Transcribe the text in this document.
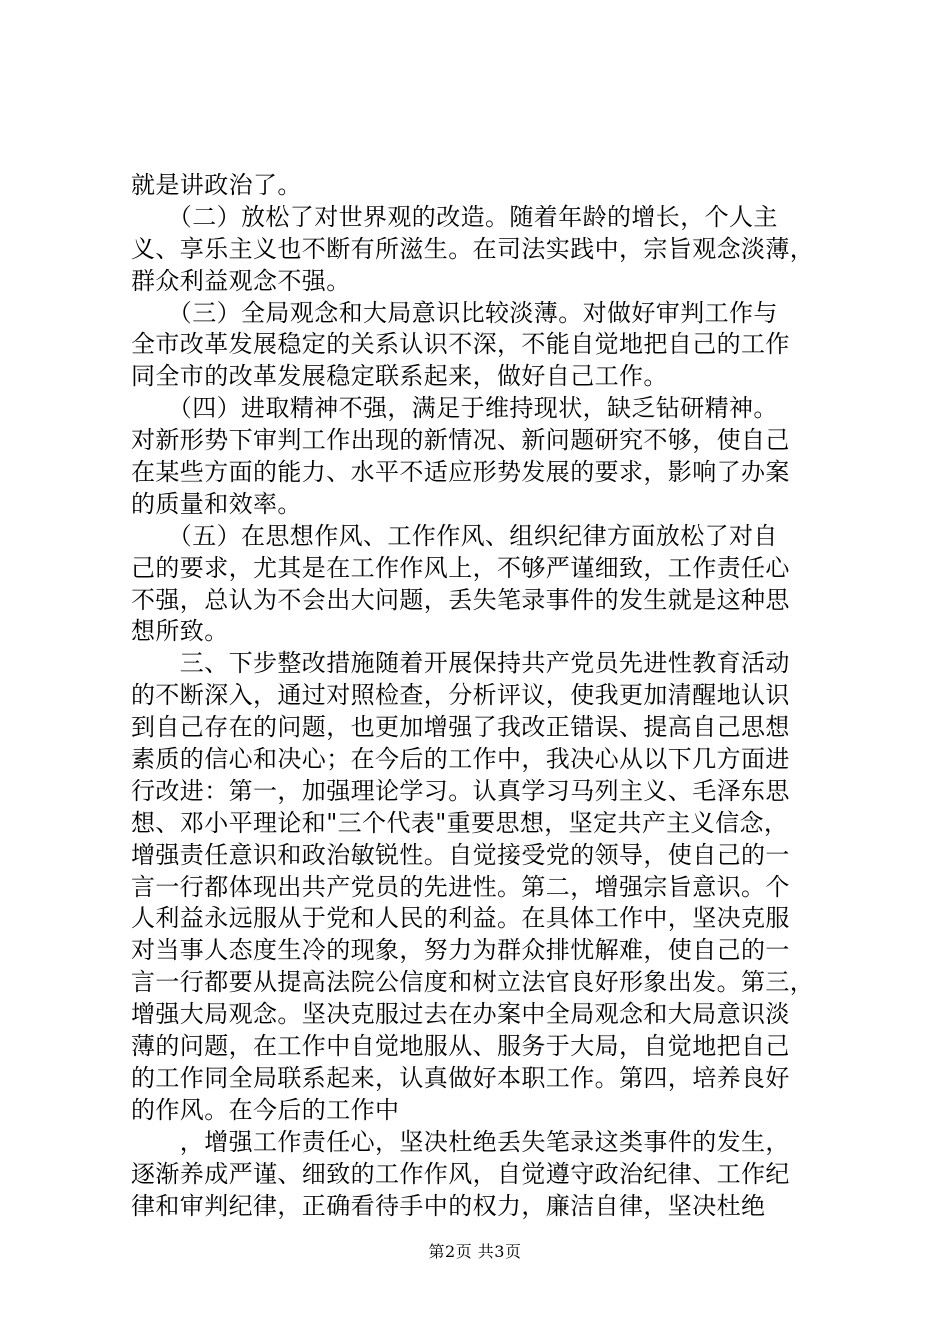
就是讲政治了。
　　（二）放松了对世界观的改造。随着年龄的增长，个人主
义、享乐主义也不断有所滋生。在司法实践中，宗旨观念淡薄，
群众利益观念不强。
　　（三）全局观念和大局意识比较淡薄。对做好审判工作与
全市改革发展稳定的关系认识不深，不能自觉地把自己的工作
同全市的改革发展稳定联系起来，做好自己工作。
　　（四）进取精神不强，满足于维持现状，缺乏钻研精神。
对新形势下审判工作出现的新情况、新问题研究不够，使自己
在某些方面的能力、水平不适应形势发展的要求，影响了办案
的质量和效率。
　　（五）在思想作风、工作作风、组织纪律方面放松了对自
己的要求，尤其是在工作作风上，不够严谨细致，工作责任心
不强，总认为不会出大问题，丢失笔录事件的发生就是这种思
想所致。
　　三、下步整改措施随着开展保持共产党员先进性教育活动
的不断深入，通过对照检查，分析评议，使我更加清醒地认识
到自己存在的问题，也更加增强了我改正错误、提高自己思想
素质的信心和决心；在今后的工作中，我决心从以下几方面进
行改进：第一，加强理论学习。认真学习马列主义、毛泽东思
想、邓小平理论和"三个代表"重要思想，坚定共产主义信念，
增强责任意识和政治敏锐性。自觉接受党的领导，使自己的一
言一行都体现出共产党员的先进性。第二，增强宗旨意识。个
人利益永远服从于党和人民的利益。在具体工作中，坚决克服
对当事人态度生冷的现象，努力为群众排忧解难，使自己的一
言一行都要从提高法院公信度和树立法官良好形象出发。第三，
增强大局观念。坚决克服过去在办案中全局观念和大局意识淡
薄的问题，在工作中自觉地服从、服务于大局，自觉地把自己
的工作同全局联系起来，认真做好本职工作。第四，培养良好
的作风。在今后的工作中
　　，增强工作责任心，坚决杜绝丢失笔录这类事件的发生，
逐渐养成严谨、细致的工作作风，自觉遵守政治纪律、工作纪
律和审判纪律，正确看待手中的权力，廉洁自律，坚决杜绝
第2页 共3页
